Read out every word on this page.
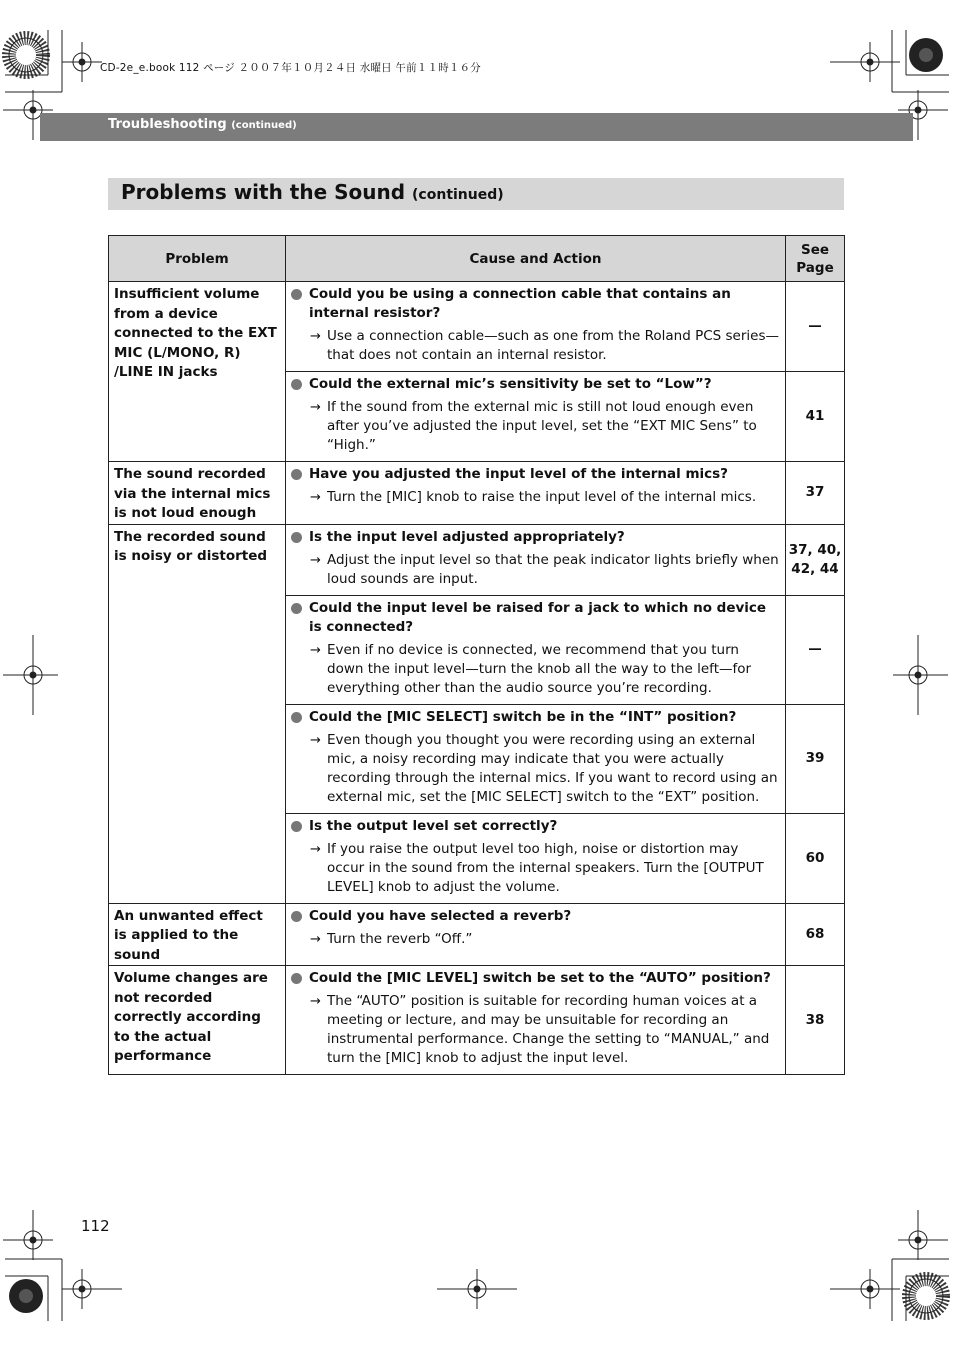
CD-2e_e.book 112 ページ ２００７年１０月２４日 水曜日 午前１１時１６分
Troubleshooting (continued)
Problems with the Sound (continued)
Problem	Cause and Action	See
Page

Insufficient volume from a device connected to the EXT MIC (L/MONO, R) /LINE IN jacks	Could you be using a connection cable that contains an internal resistor?
→ Use a connection cable—such as one from the Roland PCS series— that does not contain an internal resistor.	—

Could the external mic’s sensitivity be set to “Low”?
→ If the sound from the external mic is still not loud enough even after you’ve adjusted the input level, set the “EXT MIC Sens” to “High.”	41
The sound recorded via the internal mics is not loud enough	Have you adjusted the input level of the internal mics?
→ Turn the [MIC] knob to raise the input level of the internal mics.	37
The recorded sound is noisy or distorted	Is the input level adjusted appropriately?
→ Adjust the input level so that the peak indicator lights briefly when loud sounds are input.	37, 40, 42, 44

Could the input level be raised for a jack to which no device is connected?
→ Even if no device is connected, we recommend that you turn down the input level—turn the knob all the way to the left—for everything other than the audio source you’re recording.	—

Could the [MIC SELECT] switch be in the “INT” position?
→ Even though you thought you were recording using an external mic, a noisy recording may indicate that you were actually recording through the internal mics. If you want to record using an external mic, set the [MIC SELECT] switch to the “EXT” position.	39

Is the output level set correctly?
→ If you raise the output level too high, noise or distortion may occur in the sound from the internal speakers. Turn the [OUTPUT LEVEL] knob to adjust the volume.	60
An unwanted effect is applied to the sound	Could you have selected a reverb?
→ Turn the reverb “Off.”	68
Volume changes are not recorded correctly according to the actual performance	Could the [MIC LEVEL] switch be set to the “AUTO” position?
→ The “AUTO” position is suitable for recording human voices at a meeting or lecture, and may be unsuitable for recording an instrumental performance. Change the setting to “MANUAL,” and turn the [MIC] knob to adjust the input level.	38
112
